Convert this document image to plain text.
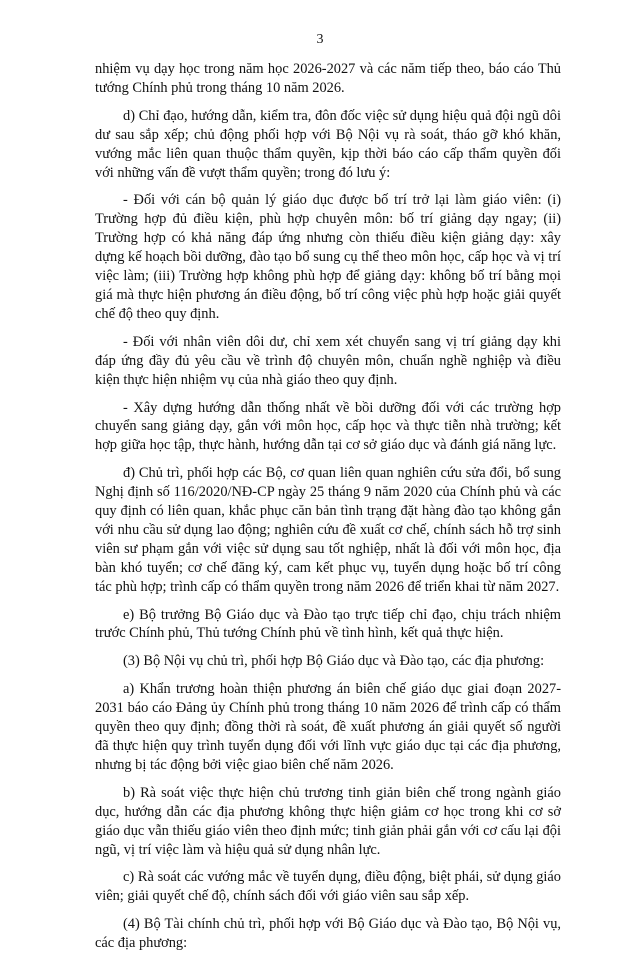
3

nhiệm vụ dạy học trong năm học 2026-2027 và các năm tiếp theo, báo cáo Thủ tướng Chính phủ trong tháng 10 năm 2026.

d) Chỉ đạo, hướng dẫn, kiểm tra, đôn đốc việc sử dụng hiệu quả đội ngũ dôi dư sau sắp xếp; chủ động phối hợp với Bộ Nội vụ rà soát, tháo gỡ khó khăn, vướng mắc liên quan thuộc thẩm quyền, kịp thời báo cáo cấp thẩm quyền đối với những vấn đề vượt thẩm quyền; trong đó lưu ý:

- Đối với cán bộ quản lý giáo dục được bố trí trở lại làm giáo viên: (i) Trường hợp đủ điều kiện, phù hợp chuyên môn: bố trí giảng dạy ngay; (ii) Trường hợp có khả năng đáp ứng nhưng còn thiếu điều kiện giảng dạy: xây dựng kế hoạch bồi dưỡng, đào tạo bổ sung cụ thể theo môn học, cấp học và vị trí việc làm; (iii) Trường hợp không phù hợp để giảng dạy: không bố trí bằng mọi giá mà thực hiện phương án điều động, bố trí công việc phù hợp hoặc giải quyết chế độ theo quy định.

- Đối với nhân viên dôi dư, chỉ xem xét chuyển sang vị trí giảng dạy khi đáp ứng đầy đủ yêu cầu về trình độ chuyên môn, chuẩn nghề nghiệp và điều kiện thực hiện nhiệm vụ của nhà giáo theo quy định.

- Xây dựng hướng dẫn thống nhất về bồi dưỡng đối với các trường hợp chuyển sang giảng dạy, gắn với môn học, cấp học và thực tiễn nhà trường; kết hợp giữa học tập, thực hành, hướng dẫn tại cơ sở giáo dục và đánh giá năng lực.

đ) Chủ trì, phối hợp các Bộ, cơ quan liên quan nghiên cứu sửa đổi, bổ sung Nghị định số 116/2020/NĐ-CP ngày 25 tháng 9 năm 2020 của Chính phủ và các quy định có liên quan, khắc phục căn bản tình trạng đặt hàng đào tạo không gắn với nhu cầu sử dụng lao động; nghiên cứu đề xuất cơ chế, chính sách hỗ trợ sinh viên sư phạm gắn với việc sử dụng sau tốt nghiệp, nhất là đối với môn học, địa bàn khó tuyển; cơ chế đăng ký, cam kết phục vụ, tuyển dụng hoặc bố trí công tác phù hợp; trình cấp có thẩm quyền trong năm 2026 để triển khai từ năm 2027.

e) Bộ trưởng Bộ Giáo dục và Đào tạo trực tiếp chỉ đạo, chịu trách nhiệm trước Chính phủ, Thủ tướng Chính phủ về tình hình, kết quả thực hiện.

(3) Bộ Nội vụ chủ trì, phối hợp Bộ Giáo dục và Đào tạo, các địa phương:

a) Khẩn trương hoàn thiện phương án biên chế giáo dục giai đoạn 2027-2031 báo cáo Đảng ủy Chính phủ trong tháng 10 năm 2026 để trình cấp có thẩm quyền theo quy định; đồng thời rà soát, đề xuất phương án giải quyết số người đã thực hiện quy trình tuyển dụng đối với lĩnh vực giáo dục tại các địa phương, nhưng bị tác động bởi việc giao biên chế năm 2026.

b) Rà soát việc thực hiện chủ trương tinh giản biên chế trong ngành giáo dục, hướng dẫn các địa phương không thực hiện giảm cơ học trong khi cơ sở giáo dục vẫn thiếu giáo viên theo định mức; tinh giản phải gắn với cơ cấu lại đội ngũ, vị trí việc làm và hiệu quả sử dụng nhân lực.

c) Rà soát các vướng mắc về tuyển dụng, điều động, biệt phái, sử dụng giáo viên; giải quyết chế độ, chính sách đối với giáo viên sau sắp xếp.

(4) Bộ Tài chính chủ trì, phối hợp với Bộ Giáo dục và Đào tạo, Bộ Nội vụ, các địa phương:
